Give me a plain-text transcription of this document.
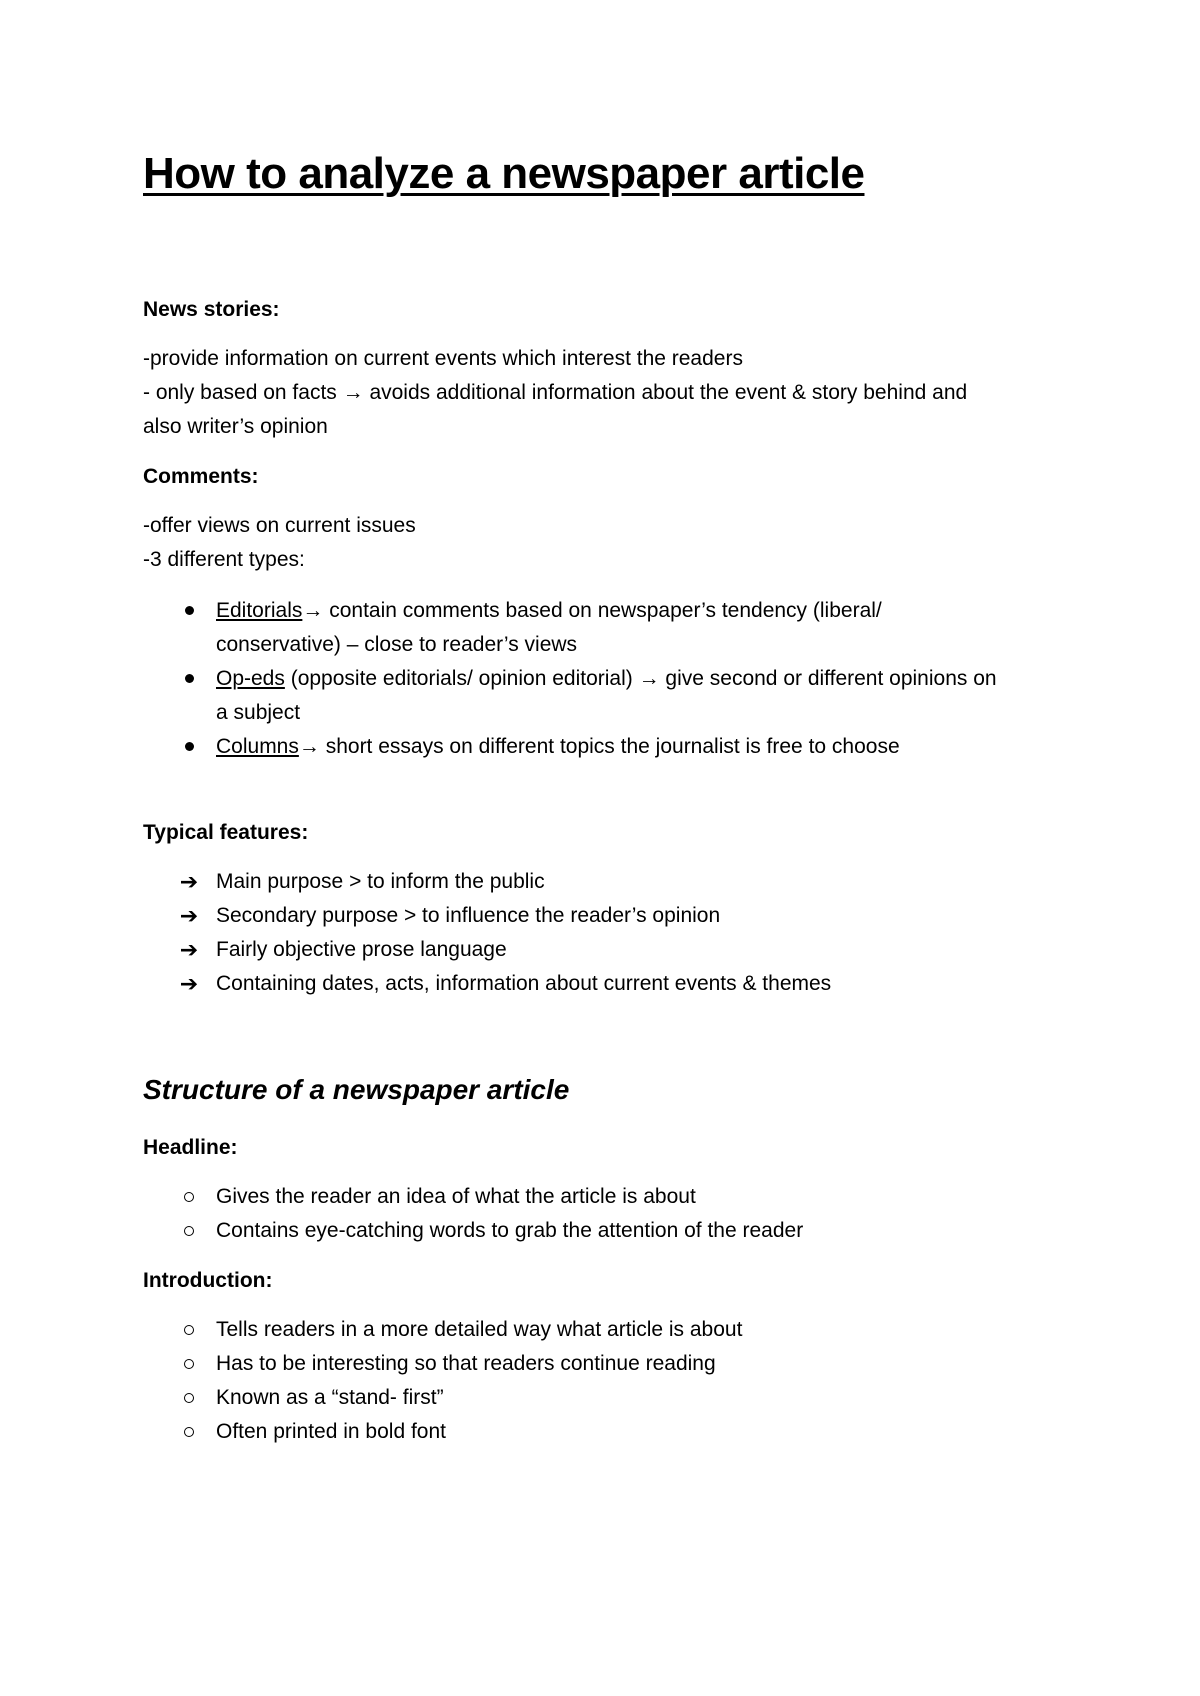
How to analyze a newspaper article

News stories:

-provide information on current events which interest the readers
- only based on facts → avoids additional information about the event & story behind and
also writer’s opinion

Comments:

-offer views on current issues
-3 different types:

Editorials→ contain comments based on newspaper’s tendency (liberal/
conservative) – close to reader’s views
Op-eds (opposite editorials/ opinion editorial) → give second or different opinions on
a subject
Columns→ short essays on different topics the journalist is free to choose

Typical features:

➔ Main purpose > to inform the public
➔ Secondary purpose > to influence the reader’s opinion
➔ Fairly objective prose language
➔ Containing dates, acts, information about current events & themes
Structure of a newspaper article

Headline:

Gives the reader an idea of what the article is about
Contains eye-catching words to grab the attention of the reader

Introduction:

Tells readers in a more detailed way what article is about
Has to be interesting so that readers continue reading
Known as a “stand- first”
Often printed in bold font
